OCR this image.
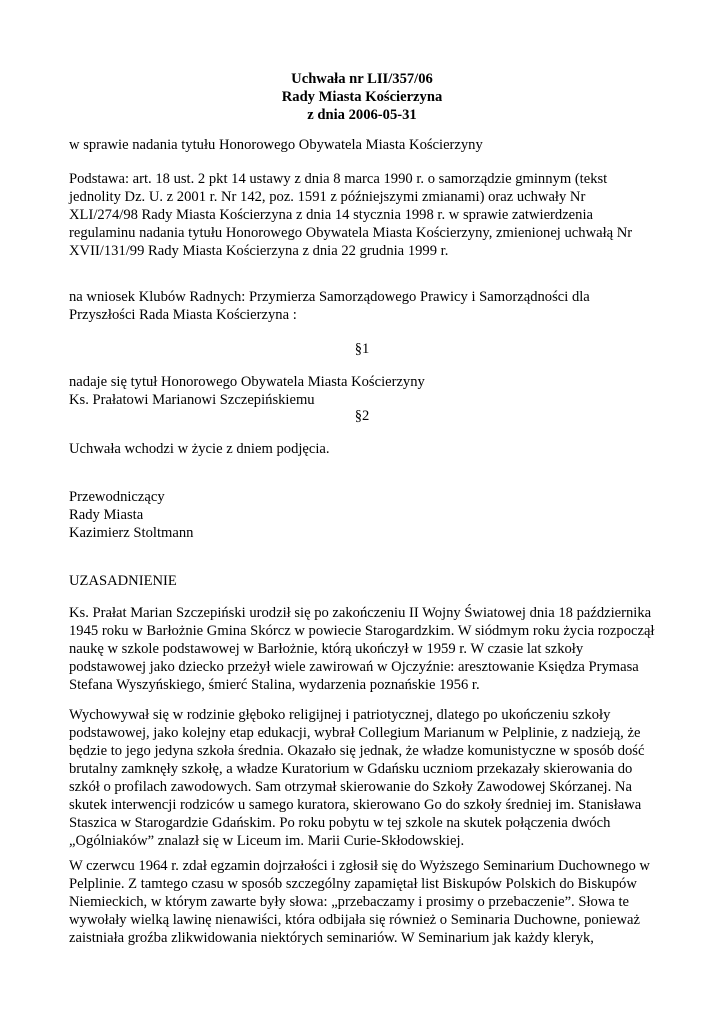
Uchwała nr LII/357/06
Rady Miasta Kościerzyna
z dnia 2006-05-31
w sprawie nadania tytułu Honorowego Obywatela Miasta Kościerzyny
Podstawa: art. 18 ust. 2 pkt 14 ustawy z dnia 8 marca 1990 r. o samorządzie gminnym (tekst
jednolity Dz. U. z 2001 r. Nr 142, poz. 1591 z późniejszymi zmianami) oraz uchwały Nr
XLI/274/98 Rady Miasta Kościerzyna z dnia 14 stycznia 1998 r. w sprawie zatwierdzenia
regulaminu nadania tytułu Honorowego Obywatela Miasta Kościerzyny, zmienionej uchwałą Nr
XVII/131/99 Rady Miasta Kościerzyna z dnia 22 grudnia 1999 r.
na wniosek Klubów Radnych: Przymierza Samorządowego Prawicy i Samorządności dla
Przyszłości Rada Miasta Kościerzyna :
§1
nadaje się tytuł Honorowego Obywatela Miasta Kościerzyny
Ks. Prałatowi Marianowi Szczepińskiemu
§2
Uchwała wchodzi w życie z dniem podjęcia.
Przewodniczący
Rady Miasta
Kazimierz Stoltmann
UZASADNIENIE
Ks. Prałat Marian Szczepiński urodził się po zakończeniu II Wojny Światowej dnia 18 października
1945 roku w Barłożnie Gmina Skórcz w powiecie Starogardzkim. W siódmym roku życia rozpoczął
naukę w szkole podstawowej w Barłożnie, którą ukończył w 1959 r. W czasie lat szkoły
podstawowej jako dziecko przeżył wiele zawirowań w Ojczyźnie: aresztowanie Księdza Prymasa
Stefana Wyszyńskiego, śmierć Stalina, wydarzenia poznańskie 1956 r.
Wychowywał się w rodzinie głęboko religijnej i patriotycznej, dlatego po ukończeniu szkoły
podstawowej, jako kolejny etap edukacji, wybrał Collegium Marianum w Pelplinie, z nadzieją, że
będzie to jego jedyna szkoła średnia. Okazało się jednak, że władze komunistyczne w sposób dość
brutalny zamknęły szkołę, a władze Kuratorium w Gdańsku uczniom przekazały skierowania do
szkół o profilach zawodowych. Sam otrzymał skierowanie do Szkoły Zawodowej Skórzanej. Na
skutek interwencji rodziców u samego kuratora, skierowano Go do szkoły średniej im. Stanisława
Staszica w Starogardzie Gdańskim. Po roku pobytu w tej szkole na skutek połączenia dwóch
„Ogólniaków” znalazł się w Liceum im. Marii Curie-Skłodowskiej.
W czerwcu 1964 r. zdał egzamin dojrzałości i zgłosił się do Wyższego Seminarium Duchownego w
Pelplinie. Z tamtego czasu w sposób szczególny zapamiętał list Biskupów Polskich do Biskupów
Niemieckich, w którym zawarte były słowa: „przebaczamy i prosimy o przebaczenie”. Słowa te
wywołały wielką lawinę nienawiści, która odbijała się również o Seminaria Duchowne, ponieważ
zaistniała groźba zlikwidowania niektórych seminariów. W Seminarium jak każdy kleryk,
